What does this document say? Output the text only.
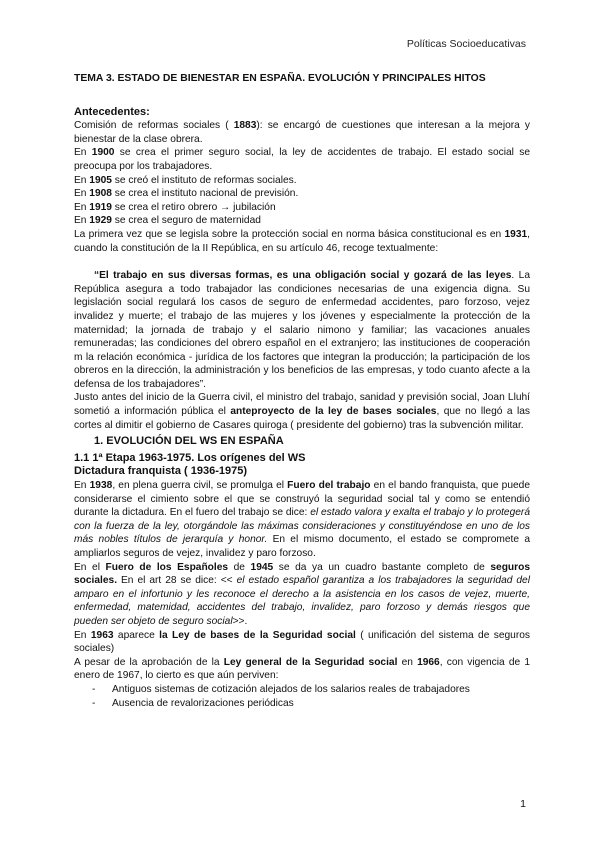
Políticas Socioeducativas

TEMA 3. ESTADO DE BIENESTAR EN ESPAÑA. EVOLUCIÓN Y PRINCIPALES HITOS

Antecedentes:

Comisión de reformas sociales ( 1883): se encargó de cuestiones que interesan a la mejora y bienestar de la clase obrera.

En 1900 se crea el primer seguro social, la ley de accidentes de trabajo. El estado social se preocupa por los trabajadores.

En 1905 se creó el instituto de reformas sociales.

En 1908 se crea el instituto nacional de previsión.

En 1919 se crea el retiro obrero → jubilación

En 1929 se crea el seguro de maternidad

La primera vez que se legisla sobre la protección social en norma básica constitucional es en 1931, cuando la constitución de la II República, en su artículo 46, recoge textualmente:

“El trabajo en sus diversas formas, es una obligación social y gozará de las leyes. La República asegura a todo trabajador las condiciones necesarias de una exigencia digna. Su legislación social regulará los casos de seguro de enfermedad accidentes, paro forzoso, vejez invalidez y muerte; el trabajo de las mujeres y los jóvenes y especialmente la protección de la maternidad; la jornada de trabajo y el salario nimono y familiar; las vacaciones anuales remuneradas; las condiciones del obrero español en el extranjero; las instituciones de cooperación m la relación económica - jurídica de los factores que integran la producción; la participación de los obreros en la dirección, la administración y los beneficios de las empresas, y todo cuanto afecte a la defensa de los trabajadores”.

Justo antes del inicio de la Guerra civil, el ministro del trabajo, sanidad y previsión social, Joan Lluhí sometió a información pública el anteproyecto de la ley de bases sociales, que no llegó a las cortes al dimitir el gobierno de Casares quiroga ( presidente del gobierno) tras la subvención militar.

1. EVOLUCIÓN DEL WS EN ESPAÑA

1.1 1ª Etapa 1963-1975. Los orígenes del WS

Dictadura franquista ( 1936-1975)

En 1938, en plena guerra civil, se promulga el Fuero del trabajo en el bando franquista, que puede considerarse el cimiento sobre el que se construyó la seguridad social tal y como se entendió durante la dictadura. En el fuero del trabajo se dice: el estado valora y exalta el trabajo y lo protegerá con la fuerza de la ley, otorgándole las máximas consideraciones y constituyéndose en uno de los más nobles títulos de jerarquía y honor. En el mismo documento, el estado se compromete a ampliarlos seguros de vejez, invalidez y paro forzoso.

En el Fuero de los Españoles de 1945 se da ya un cuadro bastante completo de seguros sociales. En el art 28 se dice: << el estado español garantiza a los trabajadores la seguridad del amparo en el infortunio y les reconoce el derecho a la asistencia en los casos de vejez, muerte, enfermedad, matemidad, accidentes del trabajo, invalidez, paro forzoso y demás riesgos que pueden ser objeto de seguro social>>.

En 1963 aparece la Ley de bases de la Seguridad social ( unificación del sistema de seguros sociales)

A pesar de la aprobación de la Ley general de la Seguridad social en 1966, con vigencia de 1 enero de 1967, lo cierto es que aún perviven:

- Antiguos sistemas de cotización alejados de los salarios reales de trabajadores
- Ausencia de revalorizaciones periódicas
1
